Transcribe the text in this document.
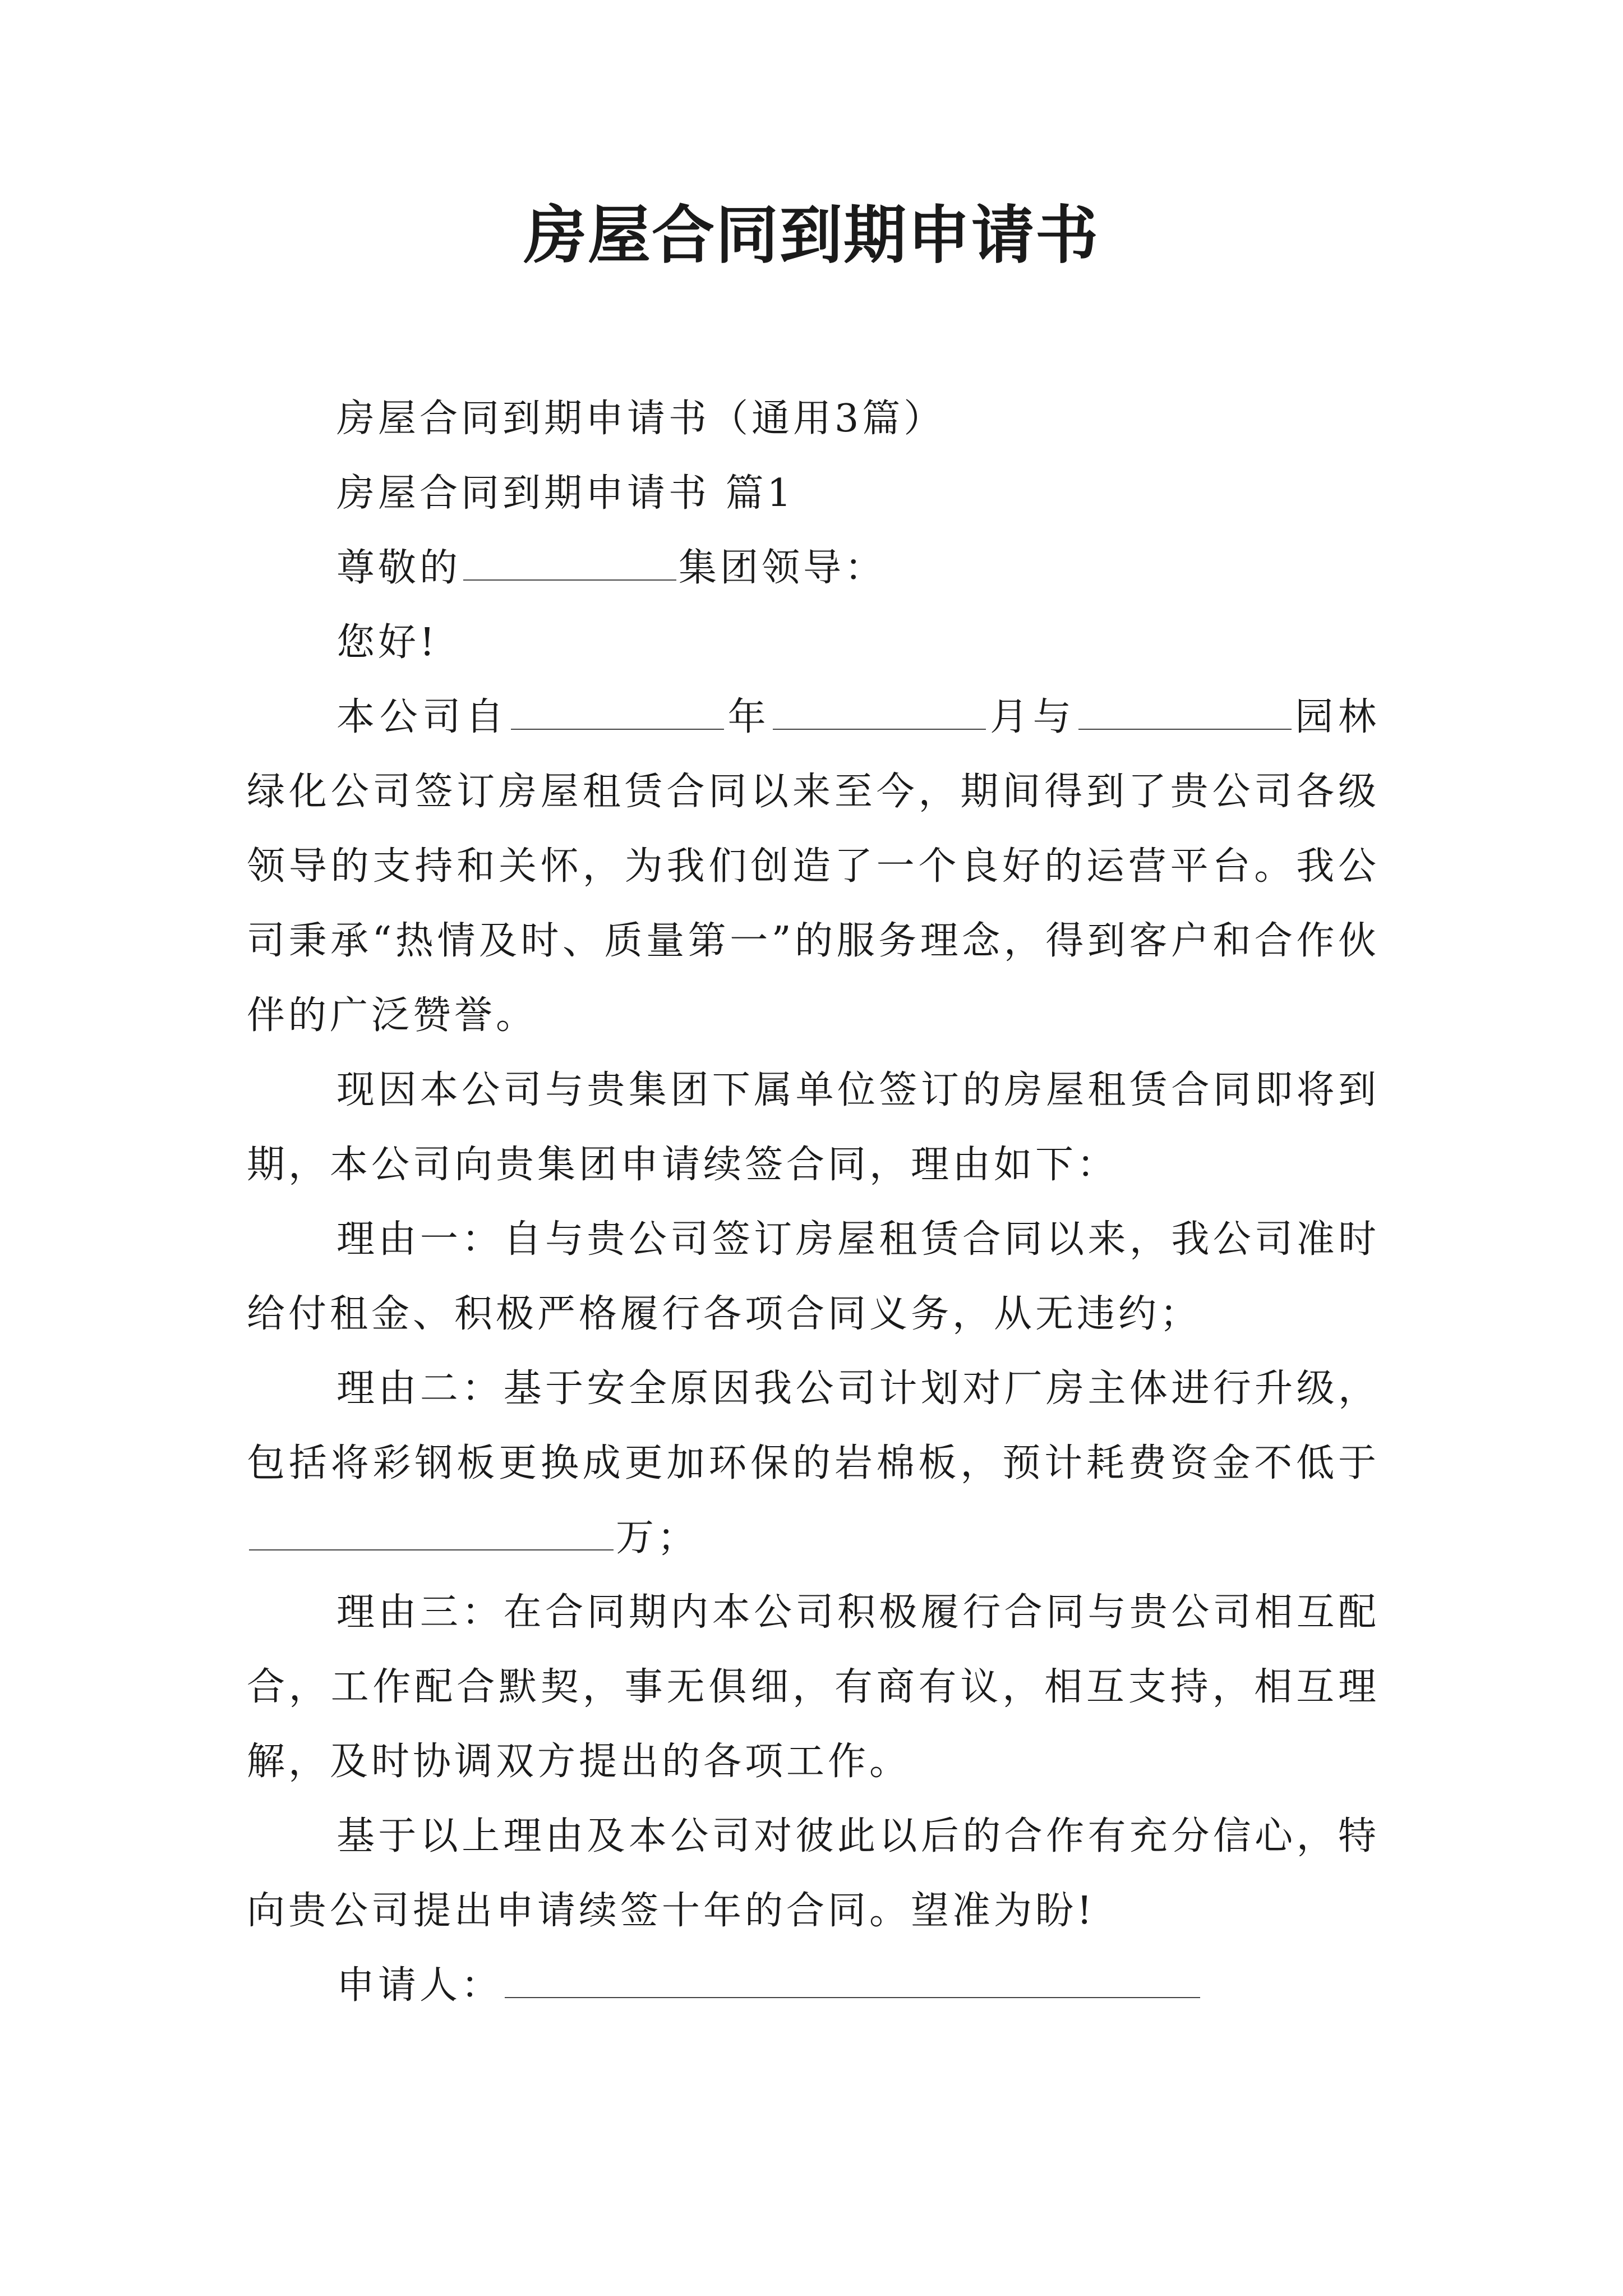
房屋合同到期申请书

房屋合同到期申请书（通用3篇）

房屋合同到期申请书 篇1

尊敬的	集团领导：

您好!

本公司自	年	月与	园林绿化公司签订房屋租赁合同以来至今，期间得到了贵公司各级领导的支持和关怀，为我们创造了一个良好的运营平台。我公司秉承“热情及时、质量第一”的服务理念，得到客户和合作伙伴的广泛赞誉。

现因本公司与贵集团下属单位签订的房屋租赁合同即将到期，本公司向贵集团申请续签合同，理由如下：

理由一：自与贵公司签订房屋租赁合同以来，我公司准时给付租金、积极严格履行各项合同义务，从无违约；

理由二：基于安全原因我公司计划对厂房主体进行升级，包括将彩钢板更换成更加环保的岩棉板，预计耗费资金不低于万；

理由三：在合同期内本公司积极履行合同与贵公司相互配合，工作配合默契，事无俱细，有商有议，相互支持，相互理解，及时协调双方提出的各项工作。

基于以上理由及本公司对彼此以后的合作有充分信心，特向贵公司提出申请续签十年的合同。望准为盼!

申请人：
